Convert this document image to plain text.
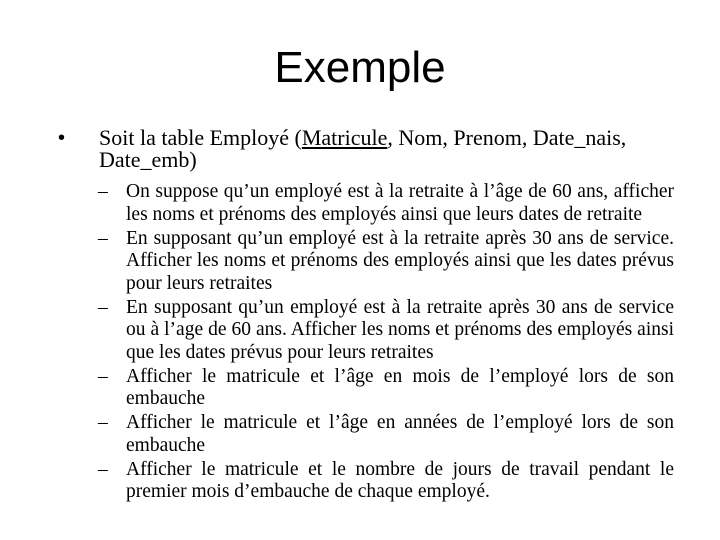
Exemple

• Soit la table Employé (Matricule, Nom, Prenom, Date_nais, Date_emb)

– On suppose qu’un employé est à la retraite à l’âge de 60 ans, afficher les noms et prénoms des employés ainsi que leurs dates de retraite
– En supposant qu’un employé est à la retraite après 30 ans de service. Afficher les noms et prénoms des employés ainsi que les dates prévus pour leurs retraites
– En supposant qu’un employé est à la retraite après 30 ans de service ou à l’age de 60 ans. Afficher les noms et prénoms des employés ainsi que les dates prévus pour leurs retraites
– Afficher le matricule et l’âge en mois de l’employé lors de son embauche
– Afficher le matricule et l’âge en années de l’employé lors de son embauche
– Afficher le matricule et le nombre de jours de travail pendant le premier mois d’embauche de chaque employé.
